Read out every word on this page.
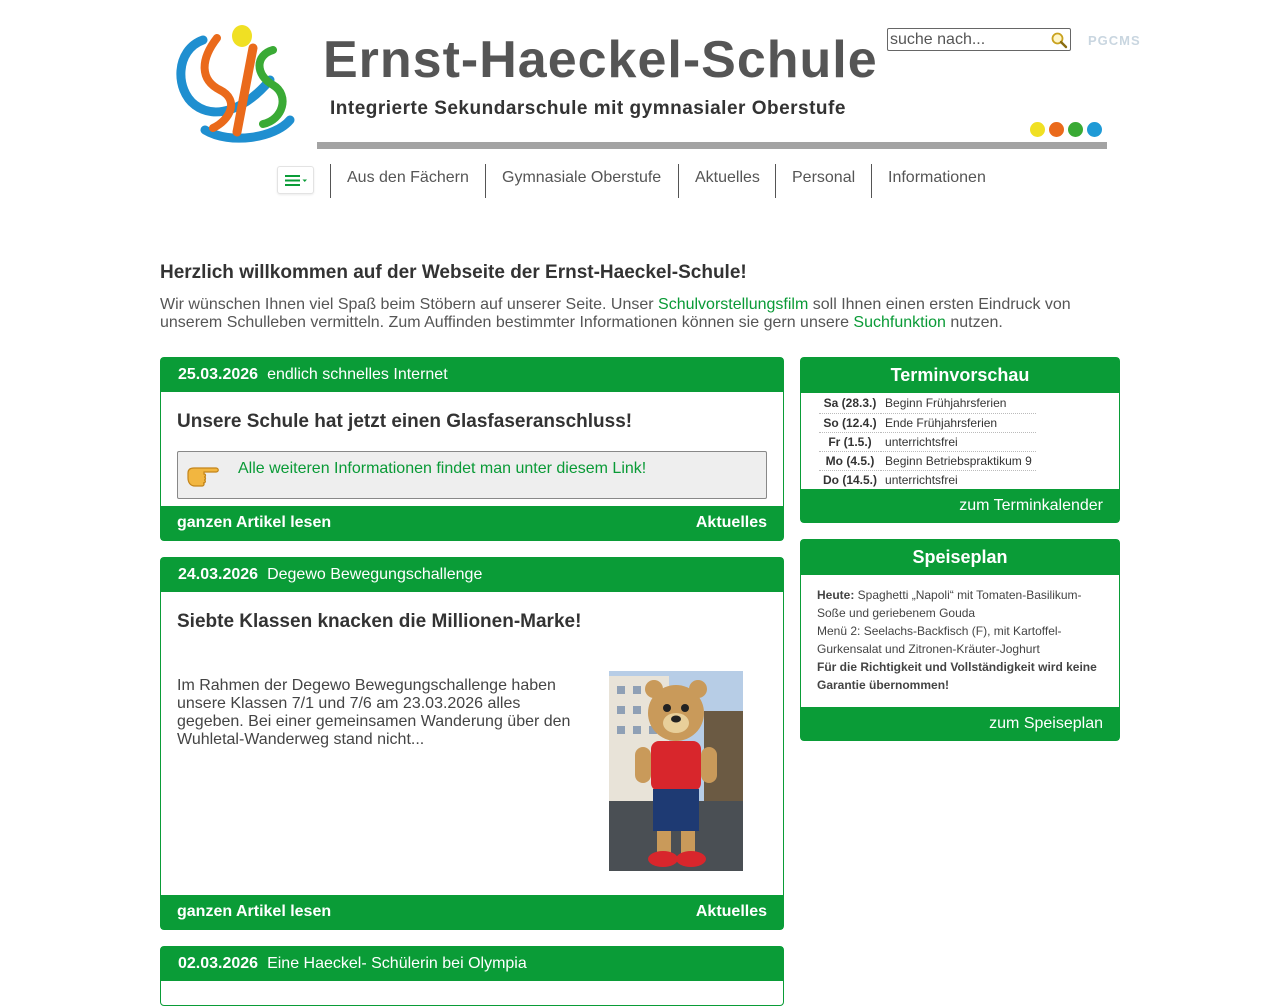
Ernst-Haeckel-Schule
Integrierte Sekundarschule mit gymnasialer Oberstufe
suche nach...
PGCMS
Aus den Fächern	Gymnasiale Oberstufe	Aktuelles	Personal	Informationen
Herzlich willkommen auf der Webseite der Ernst-Haeckel-Schule!

Wir wünschen Ihnen viel Spaß beim Stöbern auf unserer Seite. Unser Schulvorstellungsfilm soll Ihnen einen ersten Eindruck von unserem Schulleben vermitteln. Zum Auffinden bestimmter Informationen können sie gern unsere Suchfunktion nutzen.

25.03.2026 endlich schnelles Internet
Unsere Schule hat jetzt einen Glasfaseranschluss!
Alle weiteren Informationen findet man unter diesem Link!
ganzen Artikel lesen	Aktuelles
24.03.2026 Degewo Bewegungschallenge
Siebte Klassen knacken die Millionen-Marke!

Im Rahmen der Degewo Bewegungschallenge haben unsere Klassen 7/1 und 7/6 am 23.03.2026 alles gegeben. Bei einer gemeinsamen Wanderung über den Wuhletal-Wanderweg stand nicht...

ganzen Artikel lesen	Aktuelles
02.03.2026 Eine Haeckel- Schülerin bei Olympia
Terminvorschau
Sa (28.3.)	Beginn Frühjahrsferien
So (12.4.)	Ende Frühjahrsferien
Fr (1.5.)	unterrichtsfrei
Mo (4.5.)	Beginn Betriebspraktikum 9
Do (14.5.)	unterrichtsfrei
zum Terminkalender
Speiseplan
Heute: Spaghetti „Napoli“ mit Tomaten-Basilikum-Soße und geriebenem Gouda
Menü 2: Seelachs-Backfisch (F), mit Kartoffel-Gurkensalat und Zitronen-Kräuter-Joghurt
Für die Richtigkeit und Vollständigkeit wird keine Garantie übernommen!
zum Speiseplan
